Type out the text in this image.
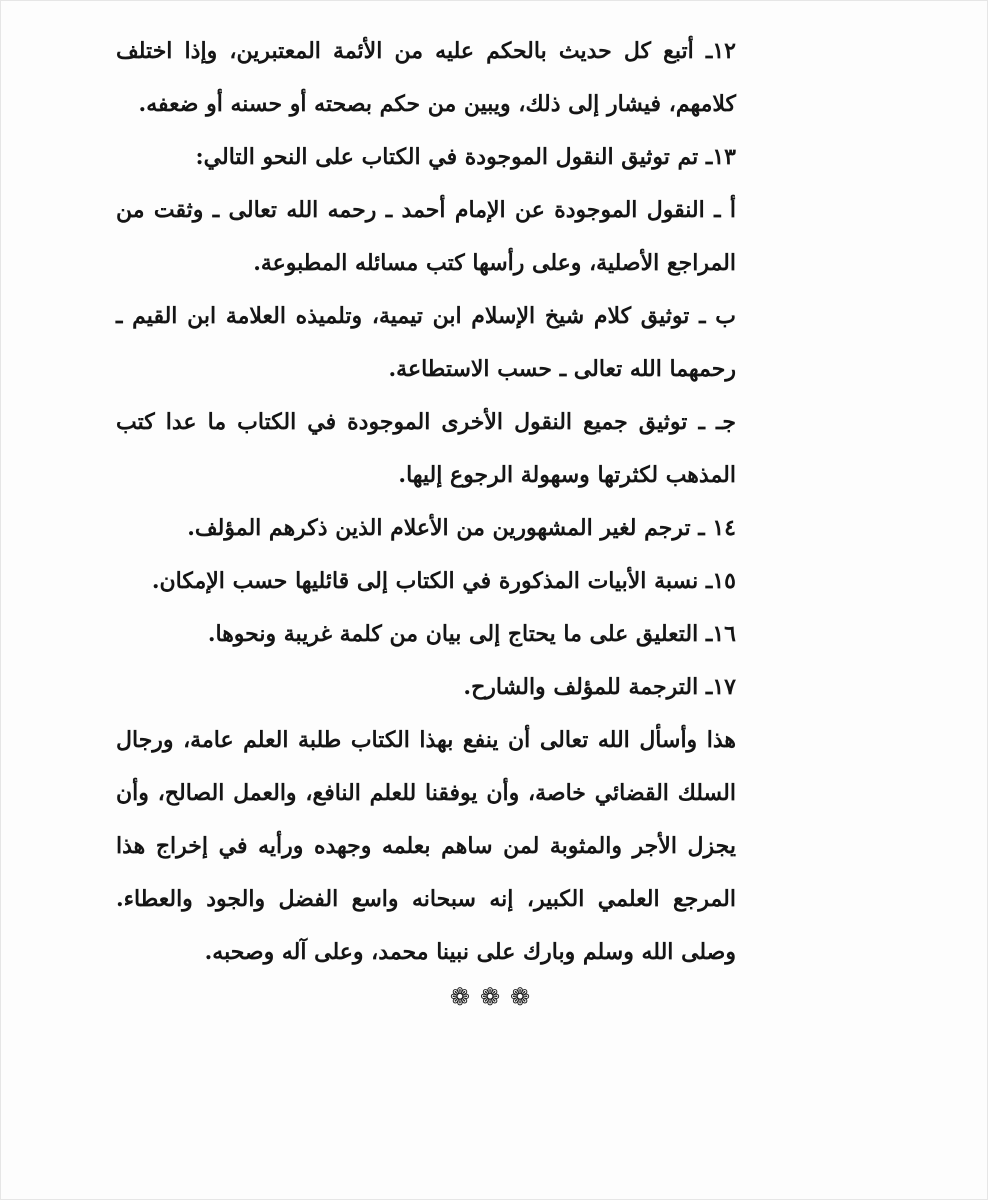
١٢ـ أتبع كل حديث بالحكم عليه من الأئمة المعتبرين، وإذا اختلف كلامهم، فيشار إلى ذلك، ويبين من حكم بصحته أو حسنه أو ضعفه.

١٣ـ تم توثيق النقول الموجودة في الكتاب على النحو التالي:

أ ـ النقول الموجودة عن الإمام أحمد ـ رحمه الله تعالى ـ وثقت من المراجع الأصلية، وعلى رأسها كتب مسائله المطبوعة.

ب ـ توثيق كلام شيخ الإسلام ابن تيمية، وتلميذه العلامة ابن القيم ـ رحمهما الله تعالى ـ حسب الاستطاعة.

جـ ـ توثيق جميع النقول الأخرى الموجودة في الكتاب ما عدا كتب المذهب لكثرتها وسهولة الرجوع إليها.

١٤ ـ ترجم لغير المشهورين من الأعلام الذين ذكرهم المؤلف.

١٥ـ نسبة الأبيات المذكورة في الكتاب إلى قائليها حسب الإمكان.

١٦ـ التعليق على ما يحتاج إلى بيان من كلمة غريبة ونحوها.

١٧ـ الترجمة للمؤلف والشارح.

هذا وأسأل الله تعالى أن ينفع بهذا الكتاب طلبة العلم عامة، ورجال السلك القضائي خاصة، وأن يوفقنا للعلم النافع، والعمل الصالح، وأن يجزل الأجر والمثوبة لمن ساهم بعلمه وجهده ورأيه في إخراج هذا المرجع العلمي الكبير، إنه سبحانه واسع الفضل والجود والعطاء. وصلى الله وسلم وبارك على نبينا محمد، وعلى آله وصحبه.

❁❁❁
